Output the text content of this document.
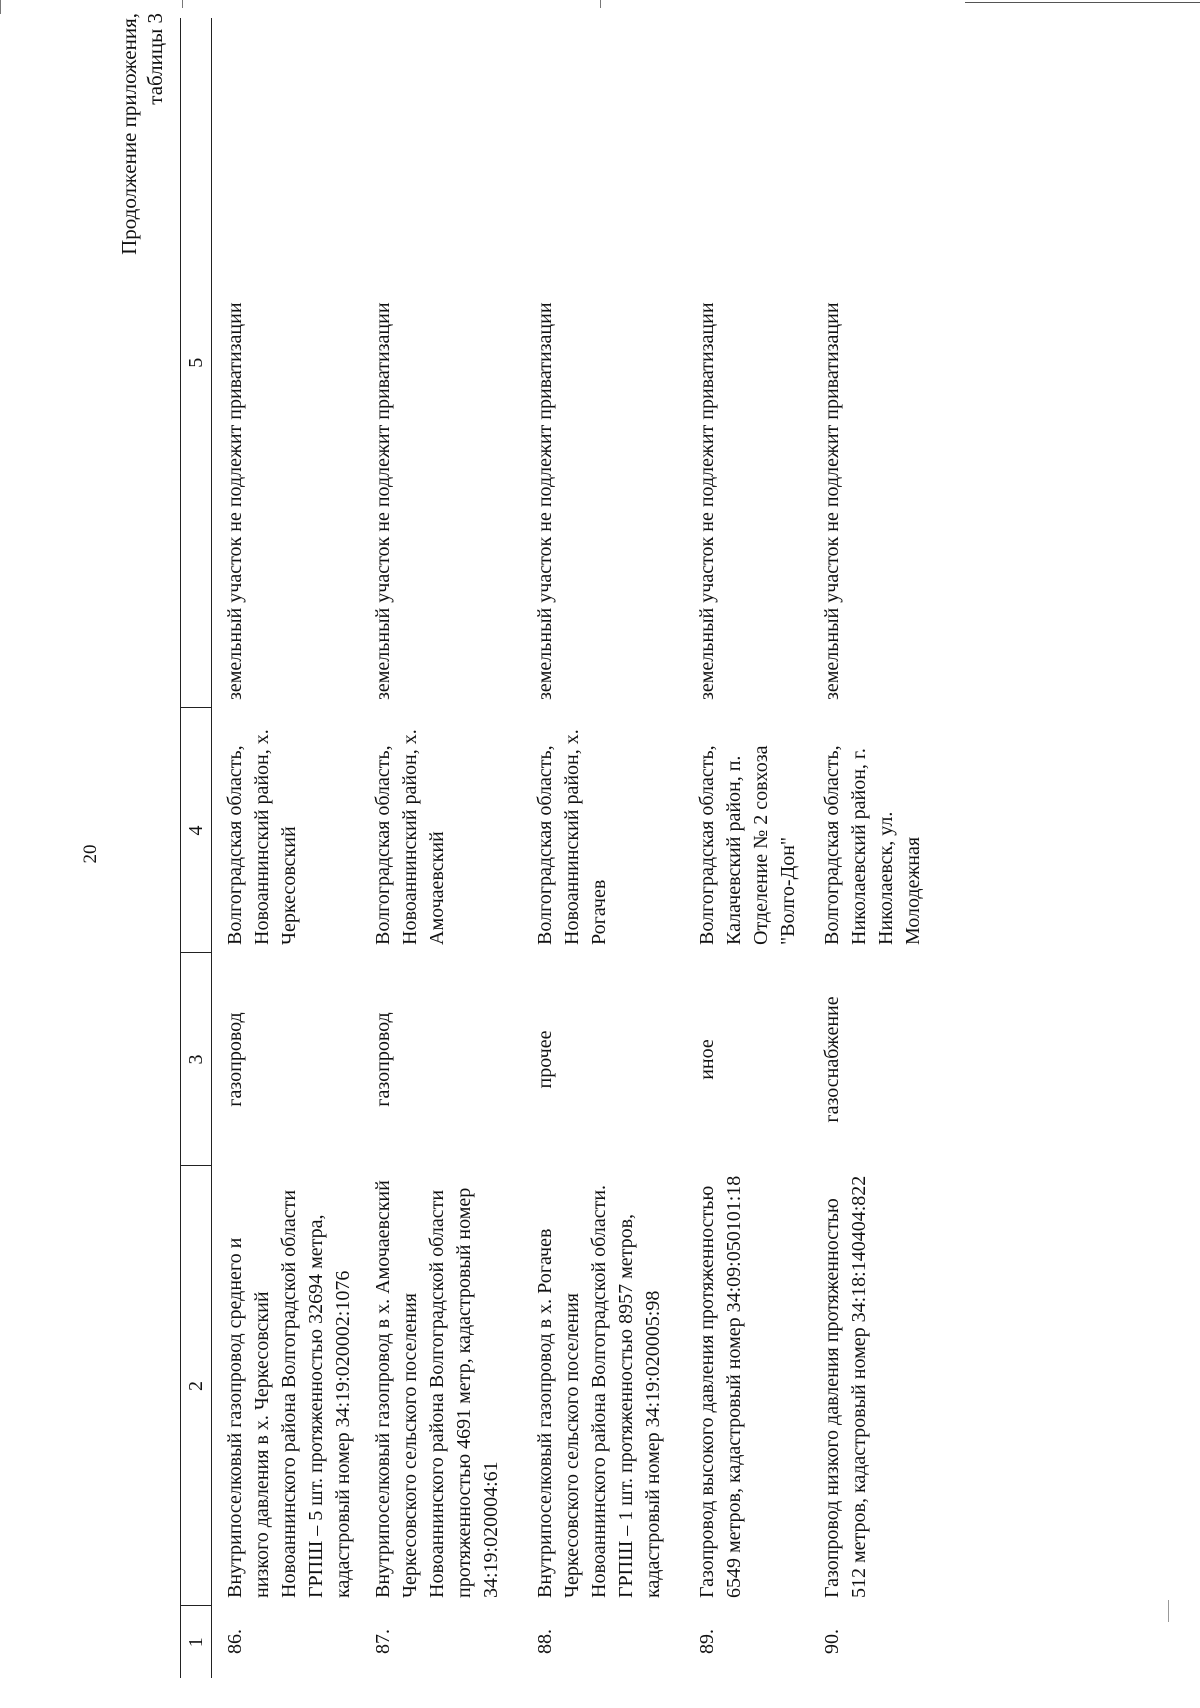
20
Продолжение приложения, таблицы 3
1	2	3	4	5
86.	Внутрипоселковый газопровод среднего и низкого давления в х. Черкесовский Новоаннинского района Волгоградской области ГРПШ – 5 шт. протяженностью 32694 метра, кадастровый номер 34:19:020002:1076	газопровод	Волгоградская область, Новоаннинский район, х. Черкесовский	земельный участок не подлежит приватизации
87.	Внутрипоселковый газопровод в х. Амочаевский Черкесовского сельского поселения Новоаннинского района Волгоградской области протяженностью 4691 метр, кадастровый номер 34:19:020004:61	газопровод	Волгоградская область, Новоаннинский район, х. Амочаевский	земельный участок не подлежит приватизации
88.	Внутрипоселковый газопровод в х. Рогачев Черкесовского сельского поселения Новоаннинского района Волгоградской области. ГРПШ – 1 шт. протяженностью 8957 метров, кадастровый номер 34:19:020005:98	прочее	Волгоградская область, Новоаннинский район, х. Рогачев	земельный участок не подлежит приватизации
89.	Газопровод высокого давления протяженностью 6549 метров, кадастровый номер 34:09:050101:18	иное	Волгоградская область, Калачевский район, п. Отделение № 2 совхоза "Волго-Дон"	земельный участок не подлежит приватизации
90.	Газопровод низкого давления протяженностью 512 метров, кадастровый номер 34:18:140404:822	газоснабжение	Волгоградская область, Николаевский район, г. Николаевск, ул. Молодежная	земельный участок не подлежит приватизации
